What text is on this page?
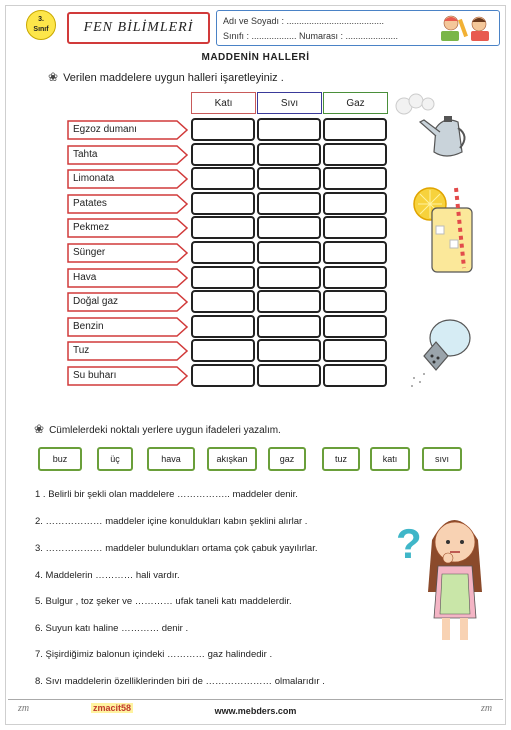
3.
Sınıf	FEN BİLİMLERİ	Adı ve Soyadı : .......................................
Sınıfı : .................. Numarası : .....................
MADDENİN HALLERİ
❀ Verilen maddelere uygun halleri işaretleyiniz .
Katı	Sıvı	Gaz
Egzoz dumanı
Tahta
Limonata
Patates
Pekmez
Sünger
Hava
Doğal gaz
Benzin
Tuz
Su buharı
❀ Cümlelerdeki noktalı yerlere uygun ifadeleri yazalım.
buz	üç	hava	akışkan	gaz	tuz	katı	sıvı
1 . Belirli bir şekli olan maddelere …………….. maddeler denir.
2. ……………… maddeler içine konuldukları kabın şeklini alırlar .
3. ……………… maddeler bulundukları ortama çok çabuk yayılırlar.
4. Maddelerin ………… hali vardır.
5. Bulgur , toz şeker ve ………… ufak taneli katı maddelerdir.
6. Suyun katı haline ………… denir .
7. Şişirdiğimiz balonun içindeki ………… gaz halindedir .
8. Sıvı maddelerin özelliklerinden biri de ………………… olmalarıdır .
?
zm	zmacit58	www.mebders.com	zm
